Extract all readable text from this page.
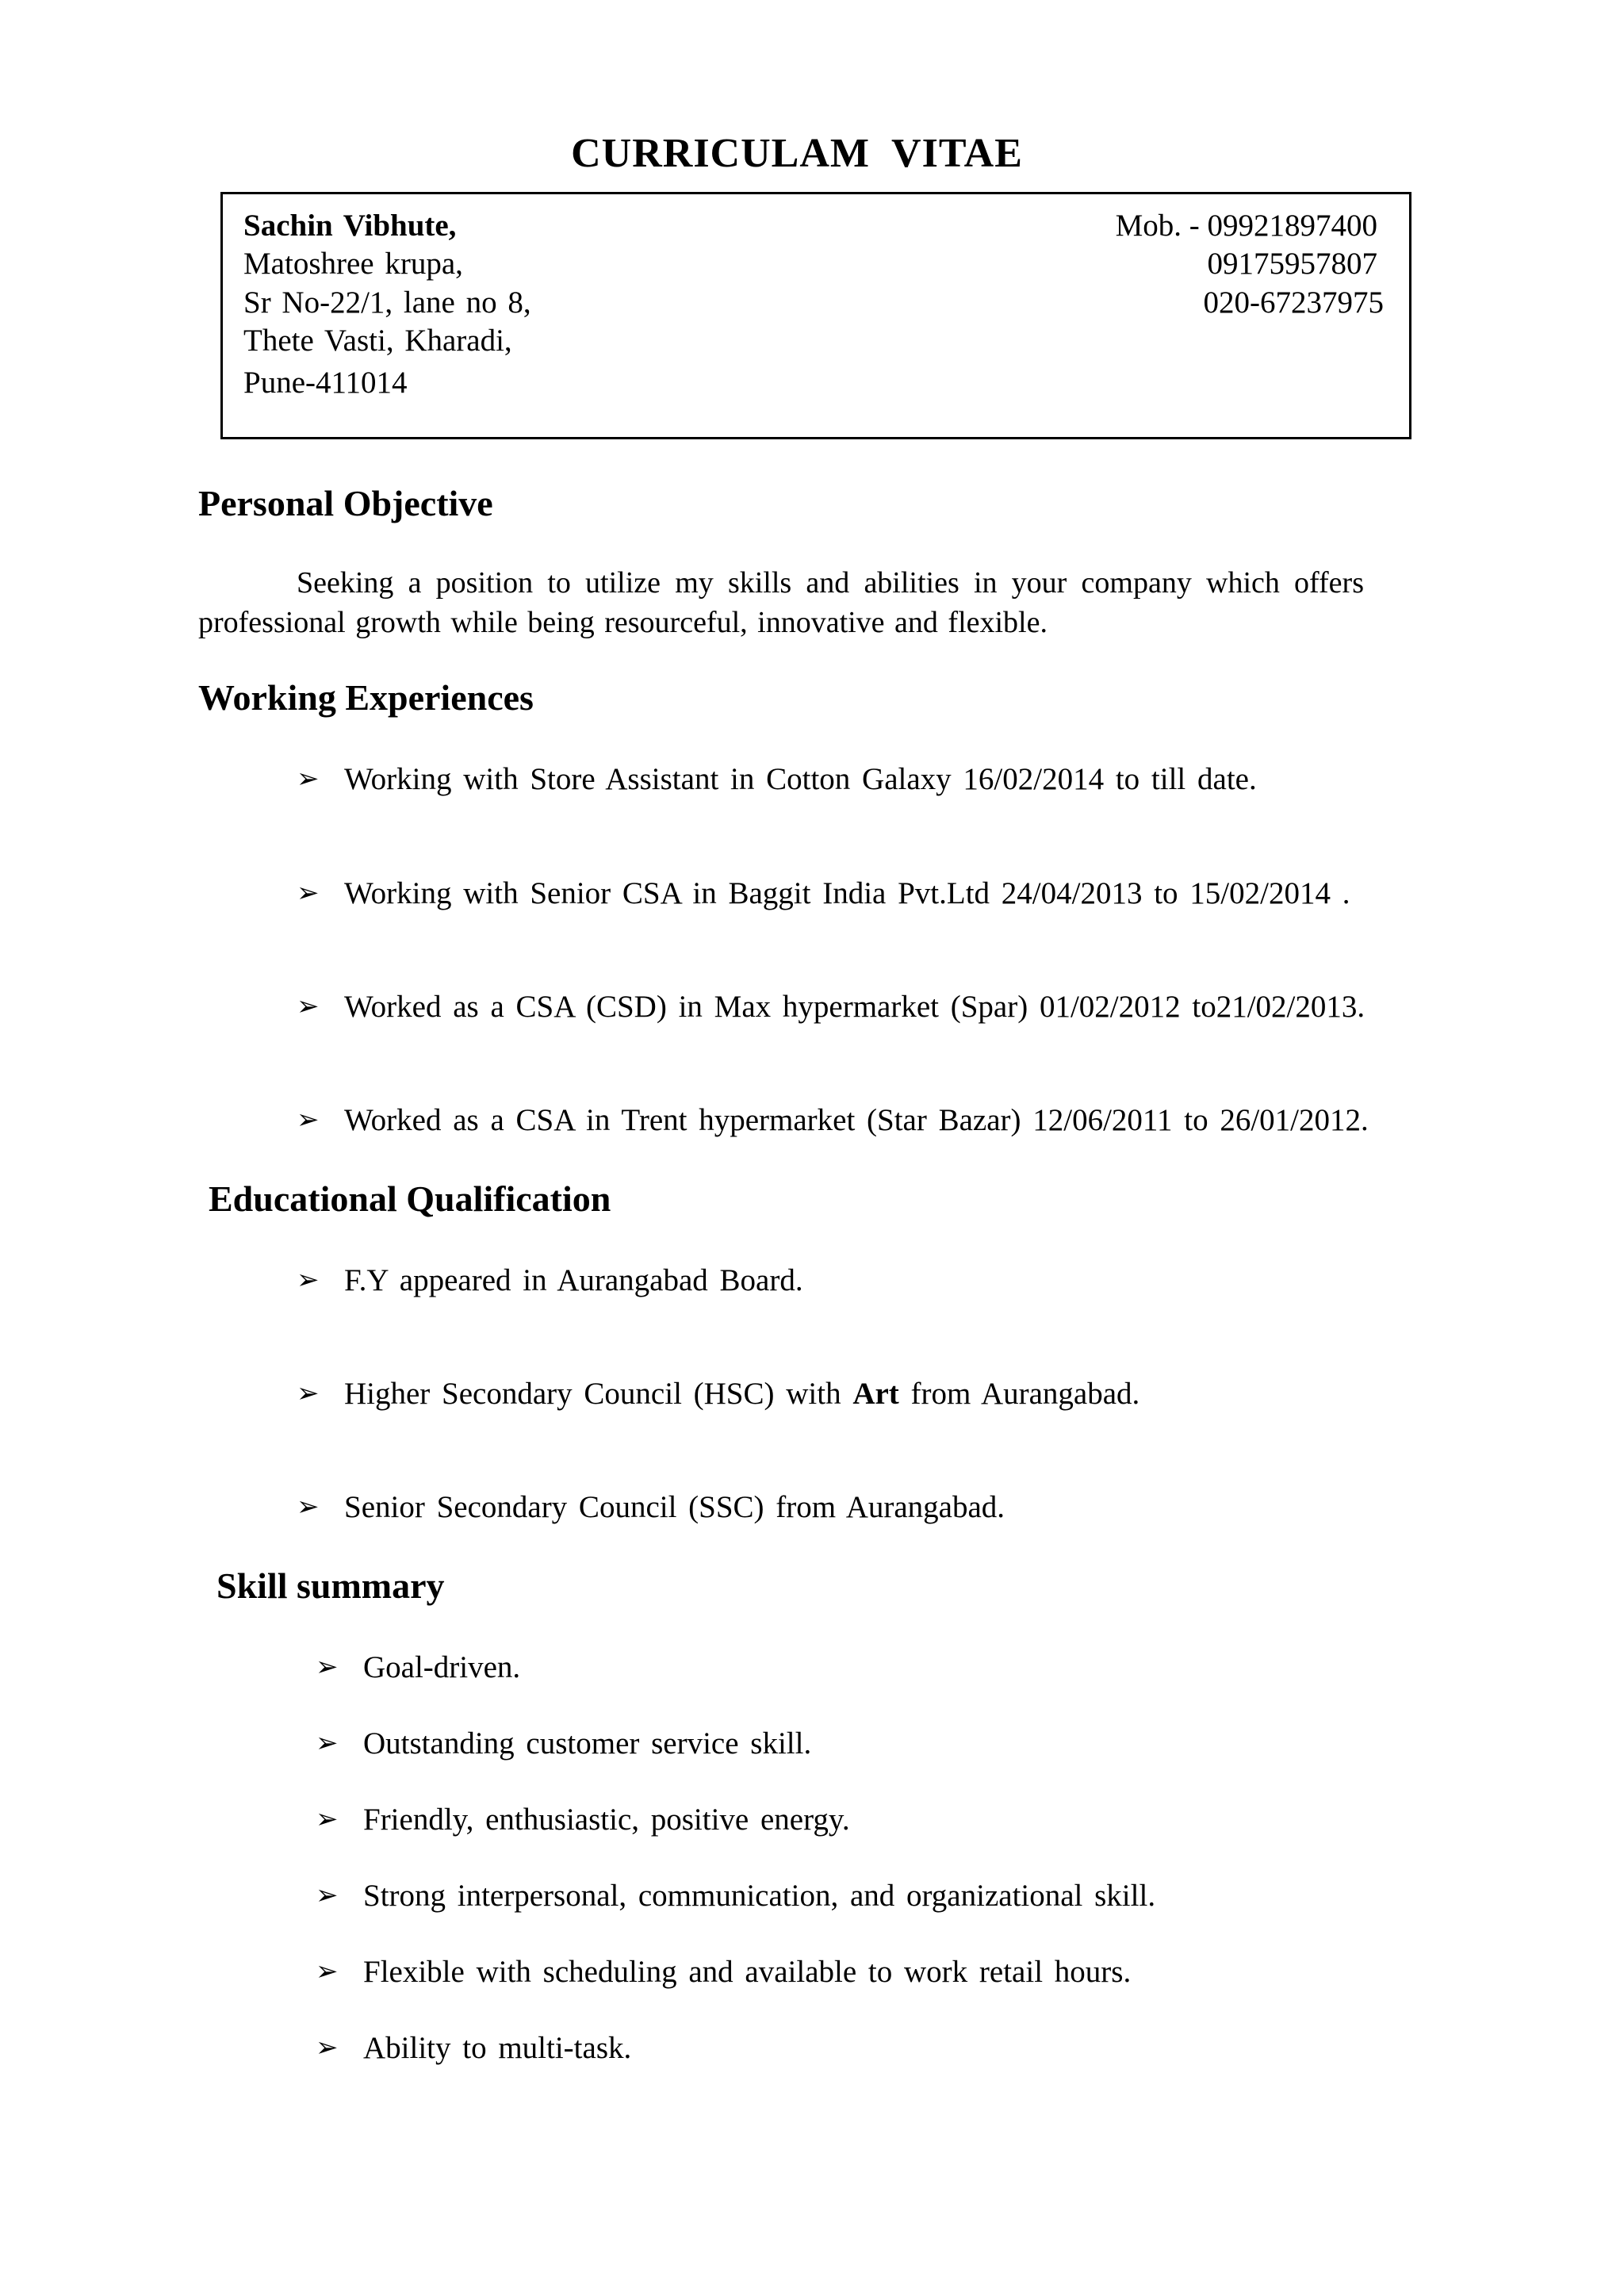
CURRICULAM VITAE
Sachin Vibhute,
Matoshree krupa,
Sr No-22/1, lane no 8,
Thete Vasti, Kharadi,
Pune-411014
Mob. - 09921897400
09175957807
020-67237975
Personal Objective
Seeking a position to utilize my skills and abilities in your company which offers professional growth while being resourceful, innovative and flexible.
Working Experiences
➢ Working with Store Assistant in Cotton Galaxy 16/02/2014 to till date.
➢ Working with Senior CSA in Baggit India Pvt.Ltd 24/04/2013 to 15/02/2014 .
➢ Worked as a CSA (CSD) in Max hypermarket (Spar) 01/02/2012 to21/02/2013.
➢ Worked as a CSA in Trent hypermarket (Star Bazar) 12/06/2011 to 26/01/2012.
Educational Qualification
➢ F.Y appeared in Aurangabad Board.
➢ Higher Secondary Council (HSC) with Art from Aurangabad.
➢ Senior Secondary Council (SSC) from Aurangabad.
Skill summary
➢ Goal-driven.
➢ Outstanding customer service skill.
➢ Friendly, enthusiastic, positive energy.
➢ Strong interpersonal, communication, and organizational skill.
➢ Flexible with scheduling and available to work retail hours.
➢ Ability to multi-task.
